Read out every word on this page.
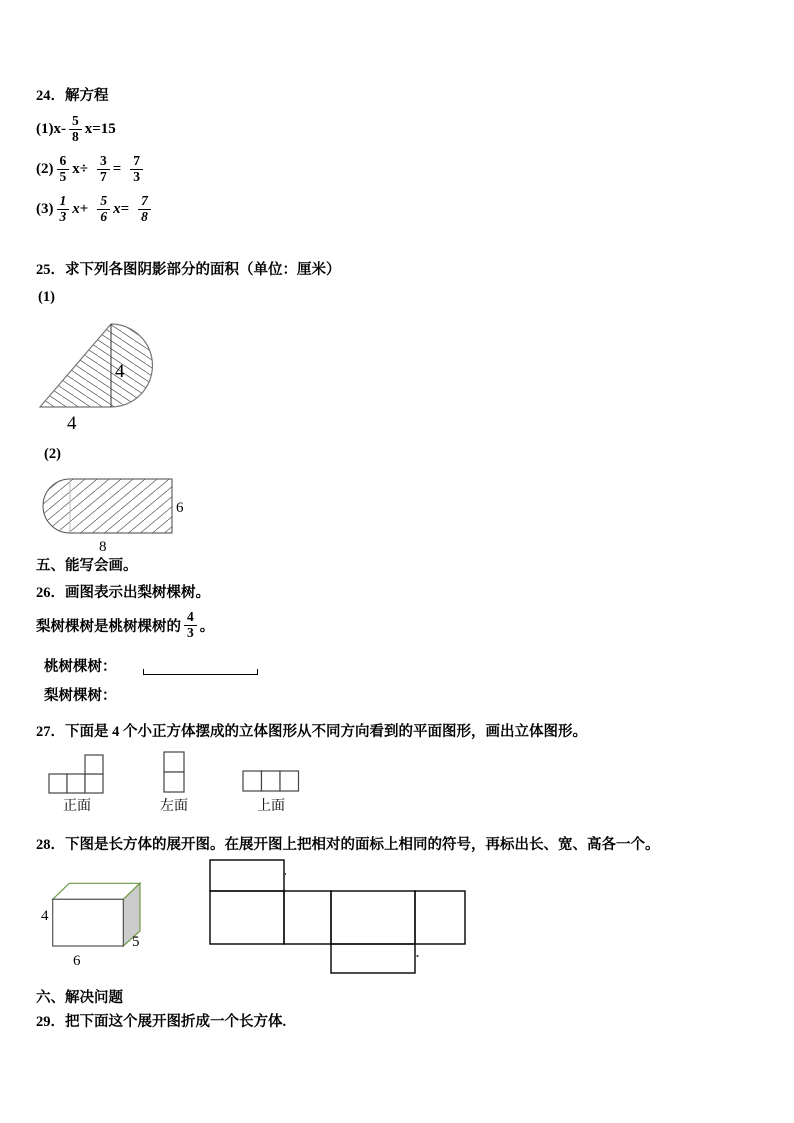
24．解方程
$(1)x- \frac{5}{8} x=15$
$(2) \frac{6}{5} x\div \frac{3}{7} = \frac{7}{3}$
$(3) \frac{1}{3}$ $x + \frac{5}{6}$ $x = \frac{7}{8}$
25．求下列各图阴影部分的面积（单位：厘米）
(1)
4
4
(2)
6
8
五、能写会画。
26．画图表示出梨树棵树。
梨树棵树是桃树棵树的 $\frac{4}{3}$ 。
桃树棵树：
梨树棵树：
27．下面是 4 个小正方体摆成的立体图形从不同方向看到的平面图形，画出立体图形。
正面	左面	上面
28．下图是长方体的展开图。在展开图上把相对的面标上相同的符号，再标出长、宽、高各一个。
4
5
6
六、解决问题
29．把下面这个展开图折成一个长方体.
